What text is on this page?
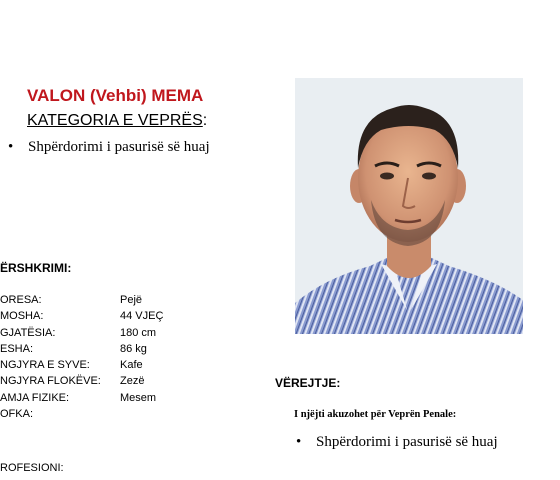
VALON (Vehbi) MEMA
KATEGORIA E VEPRËS:
• Shpërdorimi i pasurisë së huaj
ËRSHKRIMI:
ORESA:	Pejë
MOSHA:	44 VJEÇ
GJATËSIA:	180 cm
ESHA:	86 kg
NGJYRA E SYVE:	Kafe
NGJYRA FLOKËVE:	Zezë
AMJA FIZIKE:	Mesem
OFKA:
ROFESIONI:
VËREJTJE:
I njëjti akuzohet për Veprën Penale:
• Shpërdorimi i pasurisë së huaj
